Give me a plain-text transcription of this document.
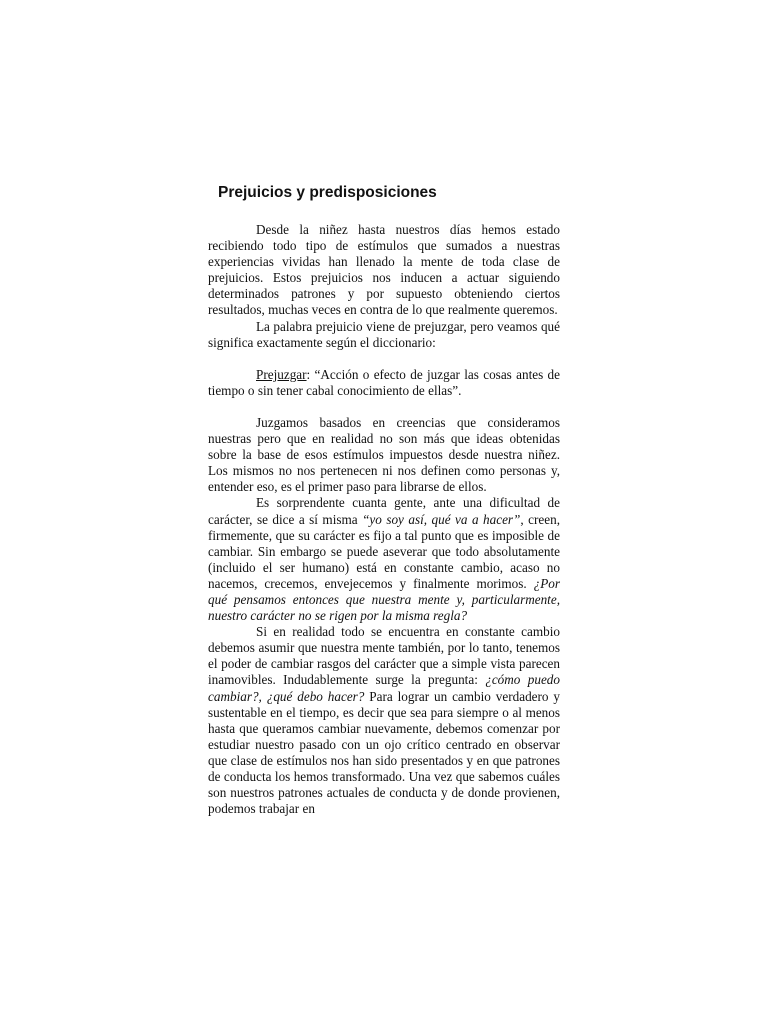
Prejuicios y predisposiciones

Desde la niñez hasta nuestros días hemos estado recibiendo todo tipo de estímulos que sumados a nuestras experiencias vividas han llenado la mente de toda clase de prejuicios. Estos prejuicios nos inducen a actuar siguiendo determinados patrones y por supuesto obteniendo ciertos resultados, muchas veces en contra de lo que realmente queremos.

La palabra prejuicio viene de prejuzgar, pero veamos qué significa exactamente según el diccionario:

Prejuzgar: “Acción o efecto de juzgar las cosas antes de tiempo o sin tener cabal conocimiento de ellas”.

Juzgamos basados en creencias que consideramos nuestras pero que en realidad no son más que ideas obtenidas sobre la base de esos estímulos impuestos desde nuestra niñez. Los mismos no nos pertenecen ni nos definen como personas y, entender eso, es el primer paso para librarse de ellos.

Es sorprendente cuanta gente, ante una dificultad de carácter, se dice a sí misma “yo soy así, qué va a hacer”, creen, firmemente, que su carácter es fijo a tal punto que es imposible de cambiar. Sin embargo se puede aseverar que todo absolutamente (incluido el ser humano) está en constante cambio, acaso no nacemos, crecemos, envejecemos y finalmente morimos. ¿Por qué pensamos entonces que nuestra mente y, particularmente, nuestro carácter no se rigen por la misma regla?

Si en realidad todo se encuentra en constante cambio debemos asumir que nuestra mente también, por lo tanto, tenemos el poder de cambiar rasgos del carácter que a simple vista parecen inamovibles. Indudablemente surge la pregunta: ¿cómo puedo cambiar?, ¿qué debo hacer? Para lograr un cambio verdadero y sustentable en el tiempo, es decir que sea para siempre o al menos hasta que queramos cambiar nuevamente, debemos comenzar por estudiar nuestro pasado con un ojo crítico centrado en observar que clase de estímulos nos han sido presentados y en que patrones de conducta los hemos transformado. Una vez que sabemos cuáles son nuestros patrones actuales de conducta y de donde provienen, podemos trabajar en
